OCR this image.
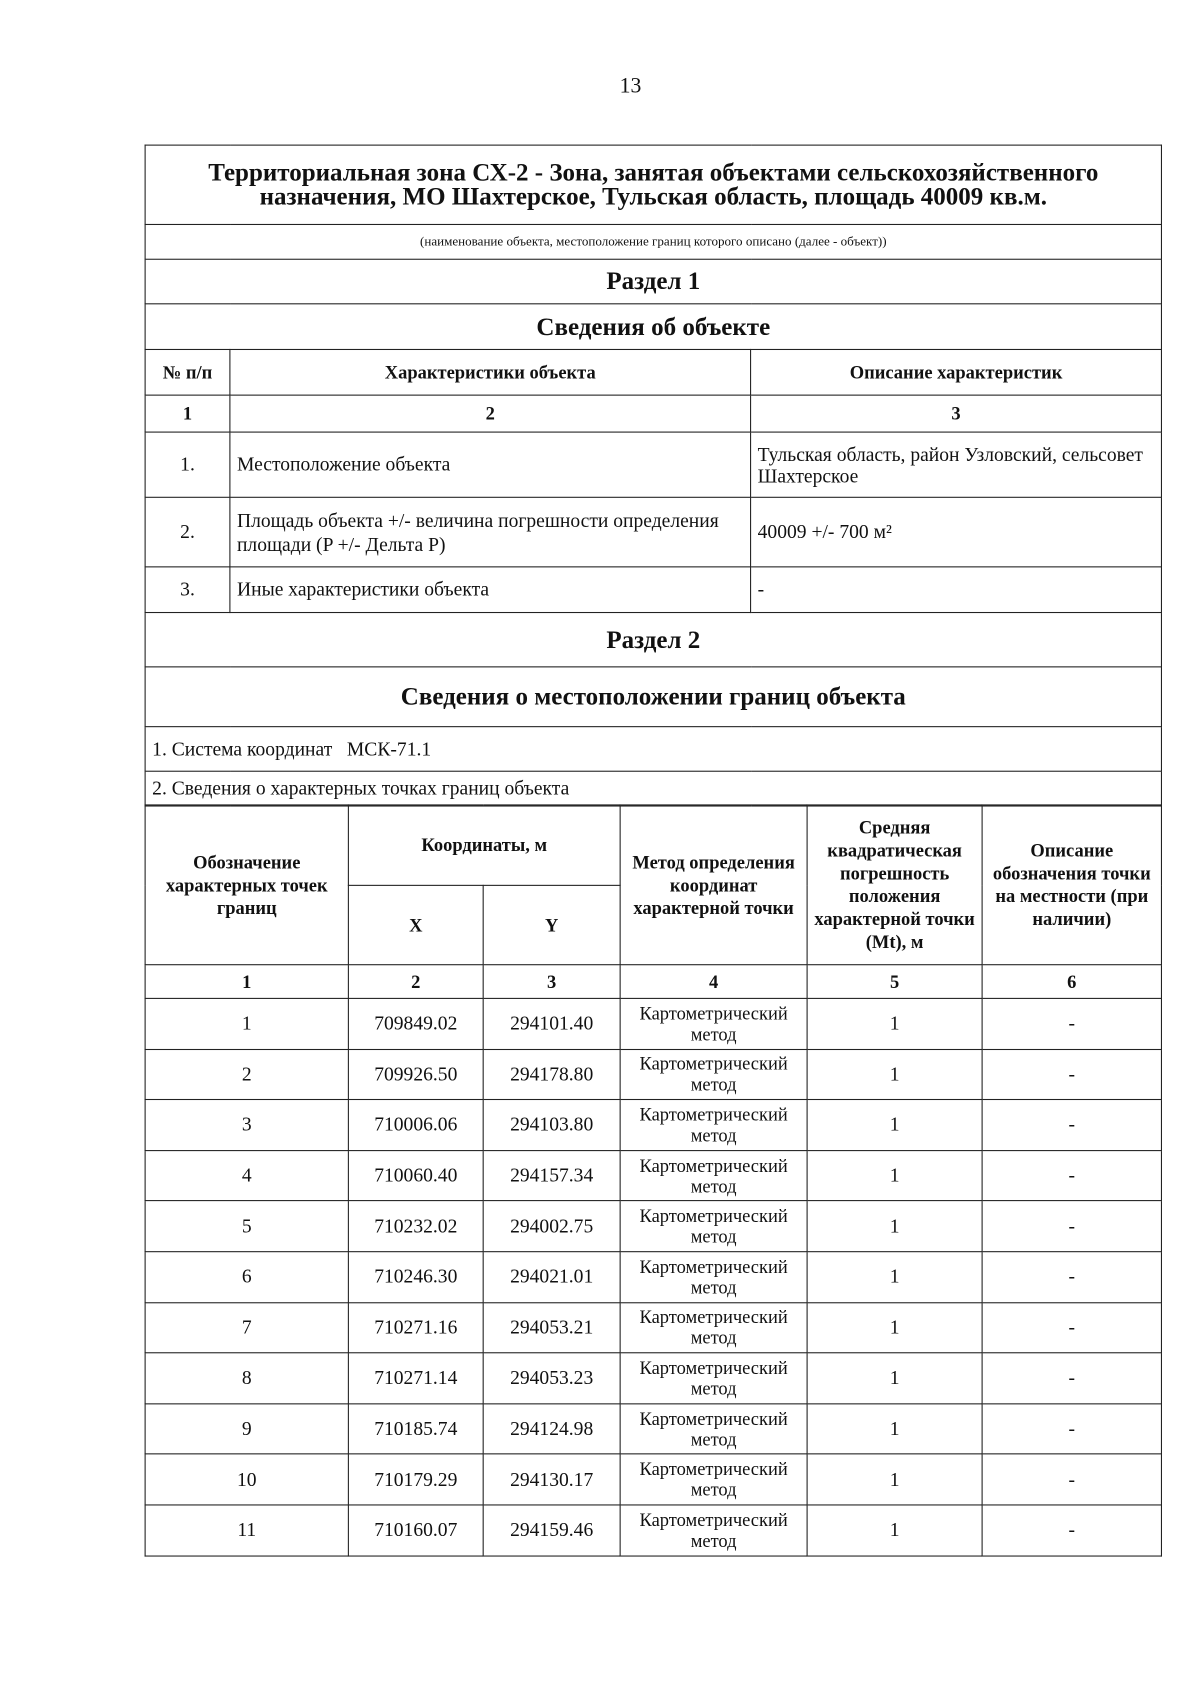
13
Территориальная зона СХ-2 - Зона, занятая объектами сельскохозяйственного назначения, МО Шахтерское, Тульская область, площадь 40009 кв.м.		
(наименование объекта, местоположение границ которого описано (далее - объект))		
Раздел 1		
Сведения об объекте		
№ п/п	Характеристики объекта	Описание характеристик
1	2	3
1.	Местоположение объекта	Тульская область, район Узловский, сельсовет Шахтерское
2.	Площадь объекта +/- величина погрешности определения площади (P +/- Дельта P)	40009 +/- 700 м²
3.	Иные характеристики объекта	-
Раздел 2		
Сведения о местоположении границ объекта		
1. Система координат   МСК-71.1		
2. Сведения о характерных точках границ объекта		
Обозначение характерных точек границ	Координаты, м		Метод определения координат характерной точки	Средняя квадратическая погрешность положения характерной точки (Mt), м	Описание обозначения точки на местности (при наличии)
	X	Y			
1	2	3	4	5	6
1	709849.02	294101.40	Картометрический метод	1	-
2	709926.50	294178.80	Картометрический метод	1	-
3	710006.06	294103.80	Картометрический метод	1	-
4	710060.40	294157.34	Картометрический метод	1	-
5	710232.02	294002.75	Картометрический метод	1	-
6	710246.30	294021.01	Картометрический метод	1	-
7	710271.16	294053.21	Картометрический метод	1	-
8	710271.14	294053.23	Картометрический метод	1	-
9	710185.74	294124.98	Картометрический метод	1	-
10	710179.29	294130.17	Картометрический метод	1	-
11	710160.07	294159.46	Картометрический метод	1	-
